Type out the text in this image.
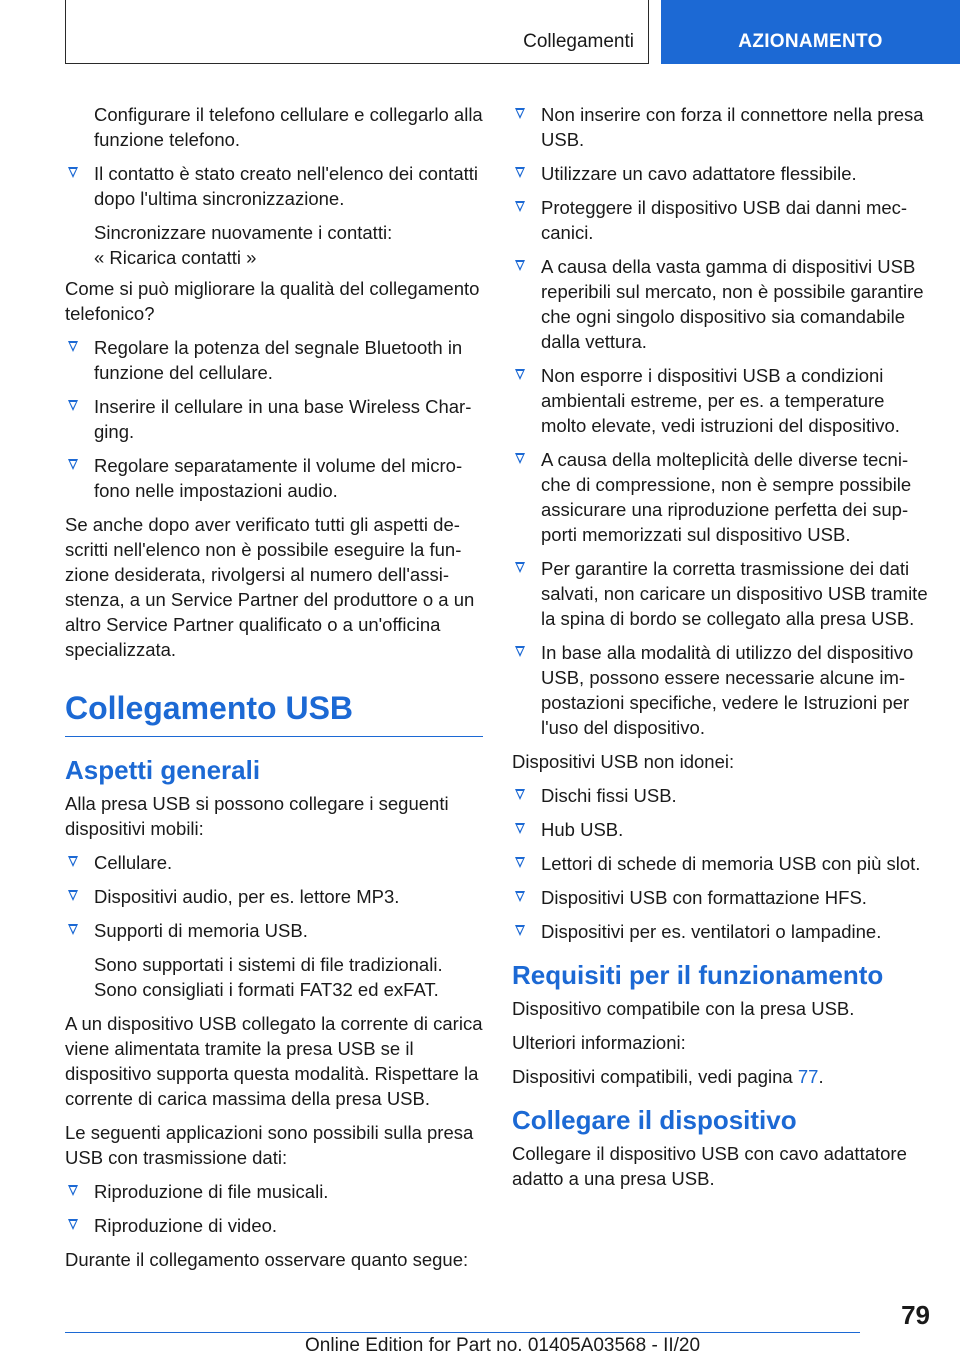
Collegamenti	AZIONAMENTO
Configurare il telefono cellulare e collegarlo alla funzione telefono.
Il contatto è stato creato nell'elenco dei contatti dopo l'ultima sincronizzazione.
Sincronizzare nuovamente i contatti:
« Ricarica contatti »
Come si può migliorare la qualità del collegamento telefonico?
Regolare la potenza del segnale Bluetooth in funzione del cellulare.
Inserire il cellulare in una base Wireless Charging.
Regolare separatamente il volume del microfono nelle impostazioni audio.
Se anche dopo aver verificato tutti gli aspetti descritti nell'elenco non è possibile eseguire la funzione desiderata, rivolgersi al numero dell'assistenza, a un Service Partner del produttore o a un altro Service Partner qualificato o a un'officina specializzata.
Collegamento USB
Aspetti generali
Alla presa USB si possono collegare i seguenti dispositivi mobili:
Cellulare.
Dispositivi audio, per es. lettore MP3.
Supporti di memoria USB.
Sono supportati i sistemi di file tradizionali.
Sono consigliati i formati FAT32 ed exFAT.
A un dispositivo USB collegato la corrente di carica viene alimentata tramite la presa USB se il dispositivo supporta questa modalità. Rispettare la corrente di carica massima della presa USB.
Le seguenti applicazioni sono possibili sulla presa USB con trasmissione dati:
Riproduzione di file musicali.
Riproduzione di video.
Durante il collegamento osservare quanto segue:
Non inserire con forza il connettore nella presa USB.
Utilizzare un cavo adattatore flessibile.
Proteggere il dispositivo USB dai danni meccanici.
A causa della vasta gamma di dispositivi USB reperibili sul mercato, non è possibile garantire che ogni singolo dispositivo sia comandabile dalla vettura.
Non esporre i dispositivi USB a condizioni ambientali estreme, per es. a temperature molto elevate, vedi istruzioni del dispositivo.
A causa della molteplicità delle diverse tecniche di compressione, non è sempre possibile assicurare una riproduzione perfetta dei supporti memorizzati sul dispositivo USB.
Per garantire la corretta trasmissione dei dati salvati, non caricare un dispositivo USB tramite la spina di bordo se collegato alla presa USB.
In base alla modalità di utilizzo del dispositivo USB, possono essere necessarie alcune impostazioni specifiche, vedere le Istruzioni per l'uso del dispositivo.
Dispositivi USB non idonei:
Dischi fissi USB.
Hub USB.
Lettori di schede di memoria USB con più slot.
Dispositivi USB con formattazione HFS.
Dispositivi per es. ventilatori o lampadine.
Requisiti per il funzionamento
Dispositivo compatibile con la presa USB.
Ulteriori informazioni:
Dispositivi compatibili, vedi pagina 77.
Collegare il dispositivo
Collegare il dispositivo USB con cavo adattatore adatto a una presa USB.
79
Online Edition for Part no. 01405A03568 - II/20
